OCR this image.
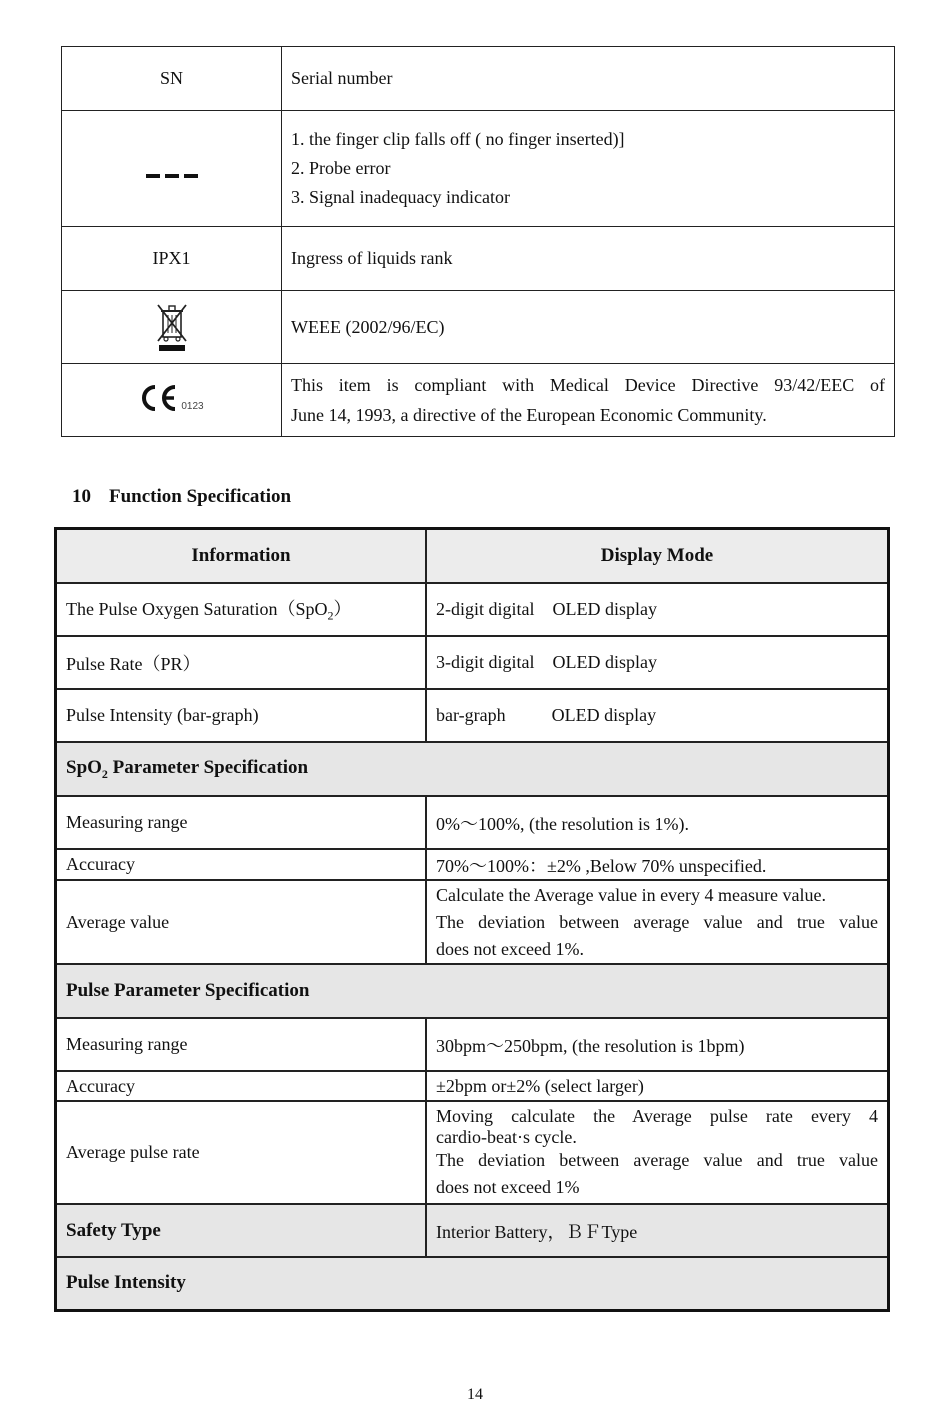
SN	Serial number

	1. the finger clip falls off ( no finger inserted)]
2. Probe error
3. Signal inadequacy indicator

IPX1	Ingress of liquids rank

	WEEE (2002/96/EC)

0123	This item is compliant with Medical Device Directive 93/42/EEC of
June 14, 1993, a directive of the European Economic Community.
10 Function Specification
Information	Display Mode
The Pulse Oxygen Saturation（SpO$_2$）	2-digit digital OLED display
Pulse Rate（PR）	3-digit digital OLED display
Pulse Intensity (bar-graph)	bar-graph OLED display
SpO$_2$ Parameter Specification	
Measuring range	0%～100%, (the resolution is 1%).
Accuracy	70%～100%：±2% ,Below 70% unspecified.
Average value	Calculate the Average value in every 4 measure value.
The deviation between average value and true value
does not exceed 1%.

Pulse Parameter Specification	
Measuring range	30bpm～250bpm, (the resolution is 1bpm)
Accuracy	±2bpm or±2% (select larger)
Average pulse rate	Moving calculate the Average pulse rate every 4
cardio-beat·s cycle.
The deviation between average value and true value
does not exceed 1%

Safety Type	Interior Battery，ＢＦType
Pulse Intensity	
14
